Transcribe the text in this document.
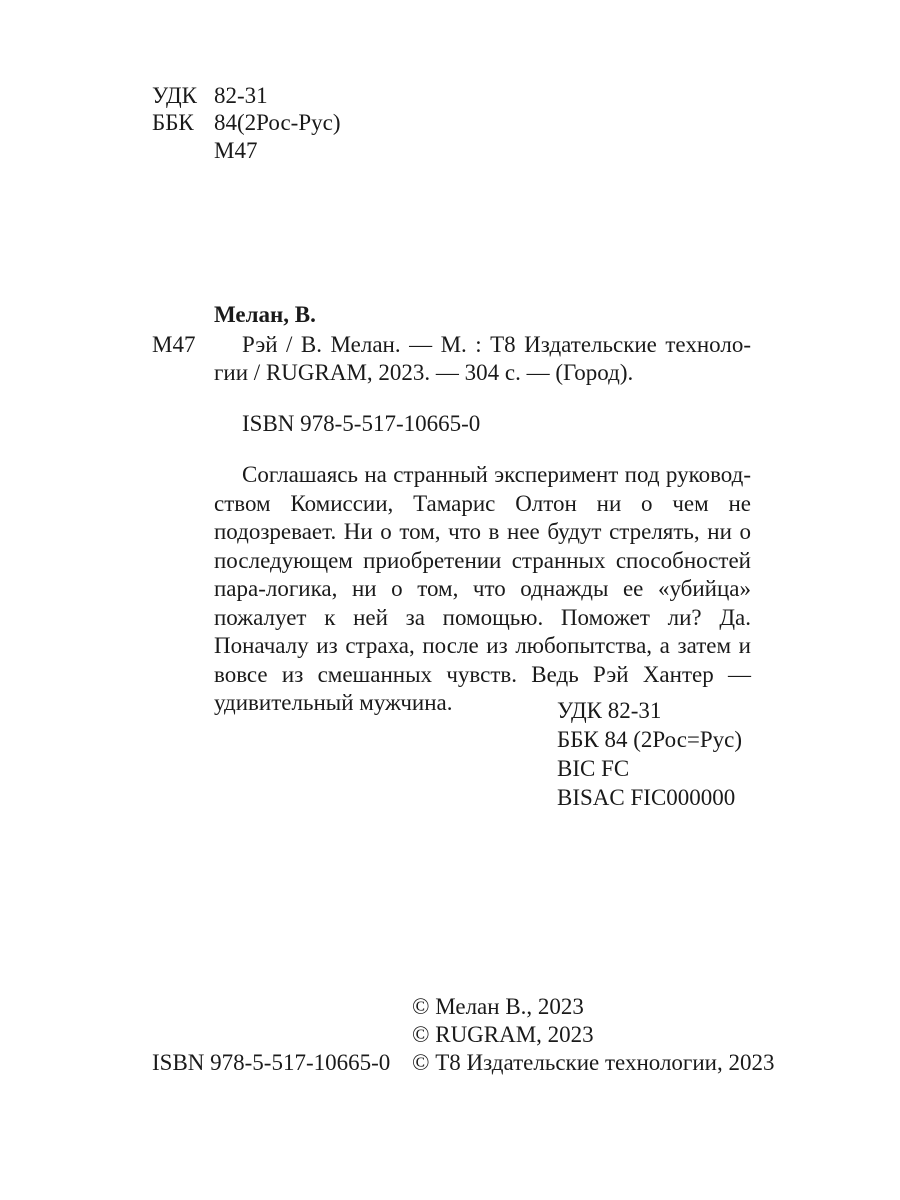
УДК 82-31
ББК 84(2Рос-Рус)
М47
Мелан, В.
М47	Рэй / В. Мелан. — М. : Т8 Издательские технологии / RUGRAM, 2023. — 304 с. — (Город).
ISBN 978-5-517-10665-0
Соглашаясь на странный эксперимент под руководством Комиссии, Тамарис Олтон ни о чем не подозревает. Ни о том, что в нее будут стрелять, ни о последующем приобретении странных способностей пара-логика, ни о том, что однажды ее «убийца» пожалует к ней за помощью. Поможет ли? Да. Поначалу из страха, после из любопытства, а затем и вовсе из смешанных чувств. Ведь Рэй Хантер — удивительный мужчина.	УДК 82-31
ББК 84 (2Рос=Рус)
BIC FC
BISAC FIC000000
ISBN 978-5-517-10665-0
© Мелан В., 2023
© RUGRAM, 2023
© Т8 Издательские технологии, 2023
